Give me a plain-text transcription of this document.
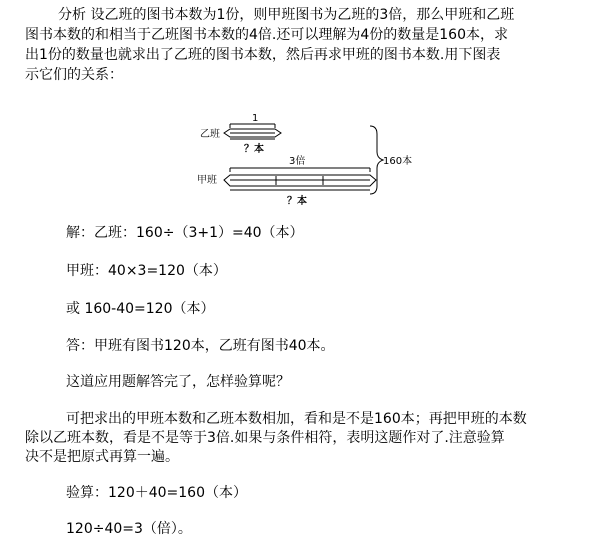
分析 设乙班的图书本数为1份，则甲班图书为乙班的3倍，那么甲班和乙班
图书本数的和相当于乙班图书本数的4倍.还可以理解为4份的数量是160本，求
出1份的数量也就求出了乙班的图书本数，然后再求甲班的图书本数.用下图表
示它们的关系：
乙班
1
？本
甲班
3倍
？本
160本
解：乙班：160÷（3+1）=40（本）
甲班：40×3=120（本）
或 160-40=120（本）
答：甲班有图书120本，乙班有图书40本。
这道应用题解答完了，怎样验算呢？
可把求出的甲班本数和乙班本数相加，看和是不是160本；再把甲班的本数
除以乙班本数，看是不是等于3倍.如果与条件相符，表明这题作对了.注意验算
决不是把原式再算一遍。
验算：120＋40=160（本）
120÷40=3（倍）。
